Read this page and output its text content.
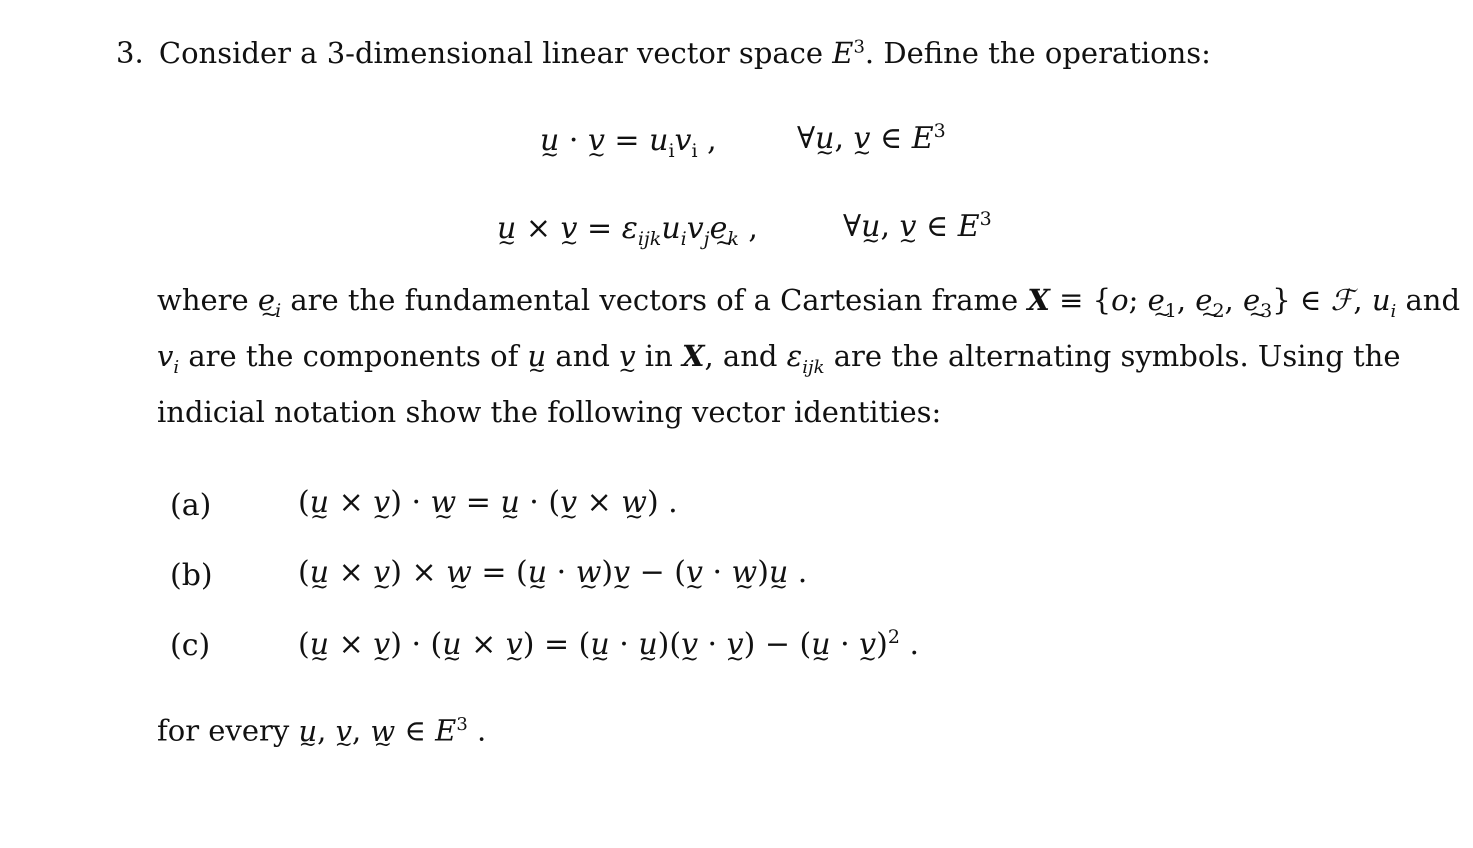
3. Consider a 3-dimensional linear vector space $E^3$. Define the operations:
u ~ · v ~ = $u_iv_i$ ,	∀u ~, v ~ ∈ $E^3$
u ~ × v ~ = $\varepsilon_{ijk}u_iv_je_k$ ~ ,	∀u ~, v ~ ∈ $E^3$
where $e_i$ ~ are the fundamental vectors of a Cartesian frame X ≡ {o; $e_1$ ~, $e_2$ ~, $e_3$ ~} ∈ ℱ, $u_i$ and
$v_i$ are the components of u ~ and v ~ in X, and $\varepsilon_{ijk}$ are the alternating symbols. Using the
indicial notation show the following vector identities:
(a)	(u ~ × v ~) · w ~ = u ~ · (v ~ × w ~) .
(b)	(u ~ × v ~) × w ~ = (u ~ · w ~)v ~ − (v ~ · w ~)u ~ .
(c)	(u ~ × v ~) · (u ~ × v ~) = (u ~ · u ~)(v ~ · v ~) − (u ~ · v ~)$^2$ .
for every u ~, v ~, w ~ ∈ $E^3$ .
